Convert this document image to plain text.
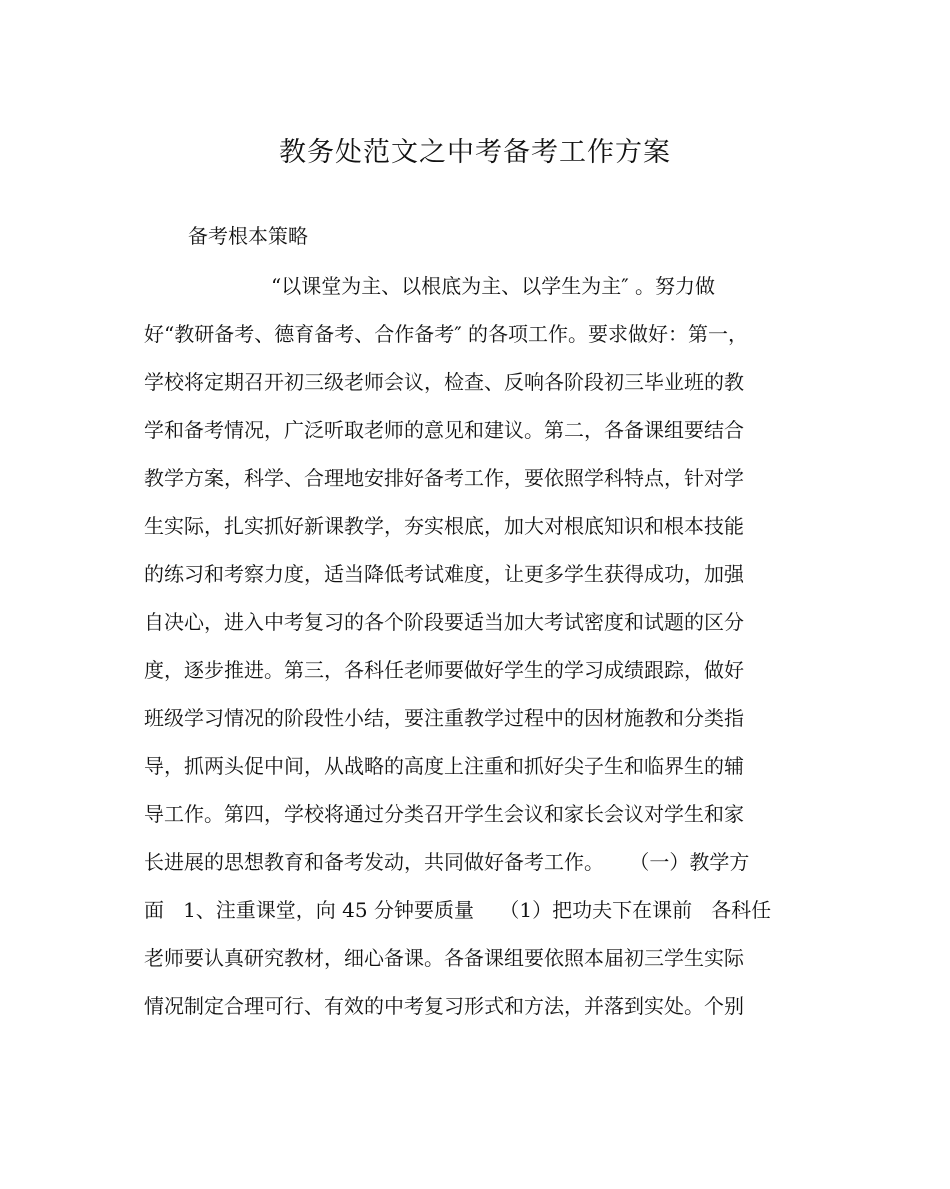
教务处范文之中考备考工作方案
备考根本策略
“以课堂为主、以根底为主、以学生为主″ 。努力做
好“教研备考、德育备考、合作备考″ 的各项工作。要求做好：第一，
学校将定期召开初三级老师会议，检查、反响各阶段初三毕业班的教
学和备考情况，广泛听取老师的意见和建议。第二，各备课组要结合
教学方案，科学、合理地安排好备考工作，要依照学科特点，针对学
生实际，扎实抓好新课教学，夯实根底，加大对根底知识和根本技能
的练习和考察力度，适当降低考试难度，让更多学生获得成功，加强
自决心，进入中考复习的各个阶段要适当加大考试密度和试题的区分
度，逐步推进。第三，各科任老师要做好学生的学习成绩跟踪，做好
班级学习情况的阶段性小结，要注重教学过程中的因材施教和分类指
导，抓两头促中间，从战略的高度上注重和抓好尖子生和临界生的辅
导工作。第四，学校将通过分类召开学生会议和家长会议对学生和家
长进展的思想教育和备考发动，共同做好备考工作。    （一）教学方
面   1、注重课堂，向 45 分钟要质量    （1）把功夫下在课前   各科任
老师要认真研究教材，细心备课。各备课组要依照本届初三学生实际
情况制定合理可行、有效的中考复习形式和方法，并落到实处。个别
